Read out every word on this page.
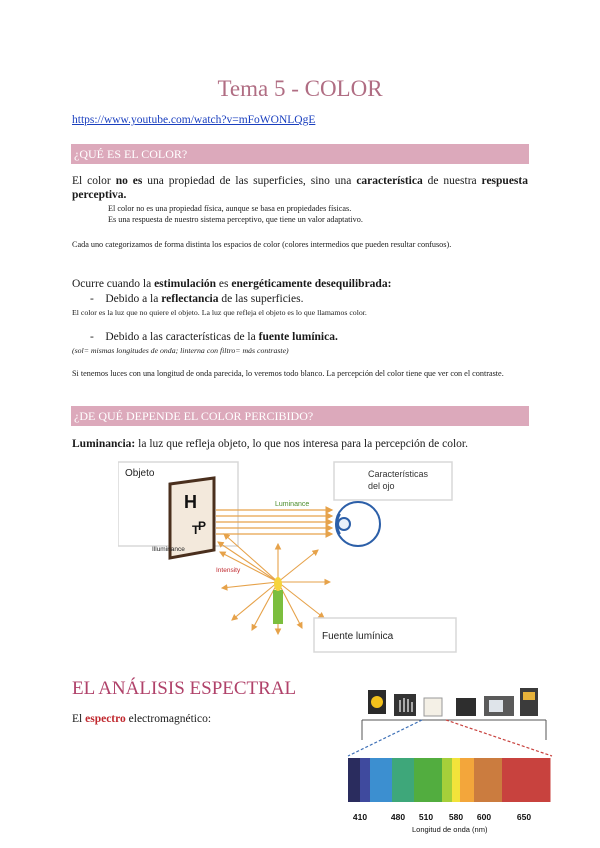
Tema 5 - COLOR
https://www.youtube.com/watch?v=mFoWONLQgE
¿QUÉ ES EL COLOR?
El color no es una propiedad de las superficies, sino una característica de nuestra respuesta perceptiva.
El color no es una propiedad física, aunque se basa en propiedades físicas.
Es una respuesta de nuestro sistema perceptivo, que tiene un valor adaptativo.
Cada uno categorizamos de forma distinta los espacios de color (colores intermedios que pueden resultar confusos).
Ocurre cuando la estimulación es energéticamente desequilibrada:
-    Debido a la reflectancia de las superficies.
El color es la luz que no quiere el objeto. La luz que refleja el objeto es lo que llamamos color.
-    Debido a las características de la fuente lumínica.
(sol= mismas longitudes de onda; linterna con filtro= más contraste)
Si tenemos luces con una longitud de onda parecida, lo veremos todo blanco. La percepción del color tiene que ver con el contraste.
¿DE QUÉ DEPENDE EL COLOR PERCIBIDO?
Luminancia: la luz que refleja objeto, lo que nos interesa para la percepción de color.
Objeto	Características
del ojo
H
T
P
Luminance
Illuminance
Intensity
Fuente lumínica
EL ANÁLISIS ESPECTRAL
El espectro electromagnético:
410	480 510 580 600	650
Longitud de onda (nm)
